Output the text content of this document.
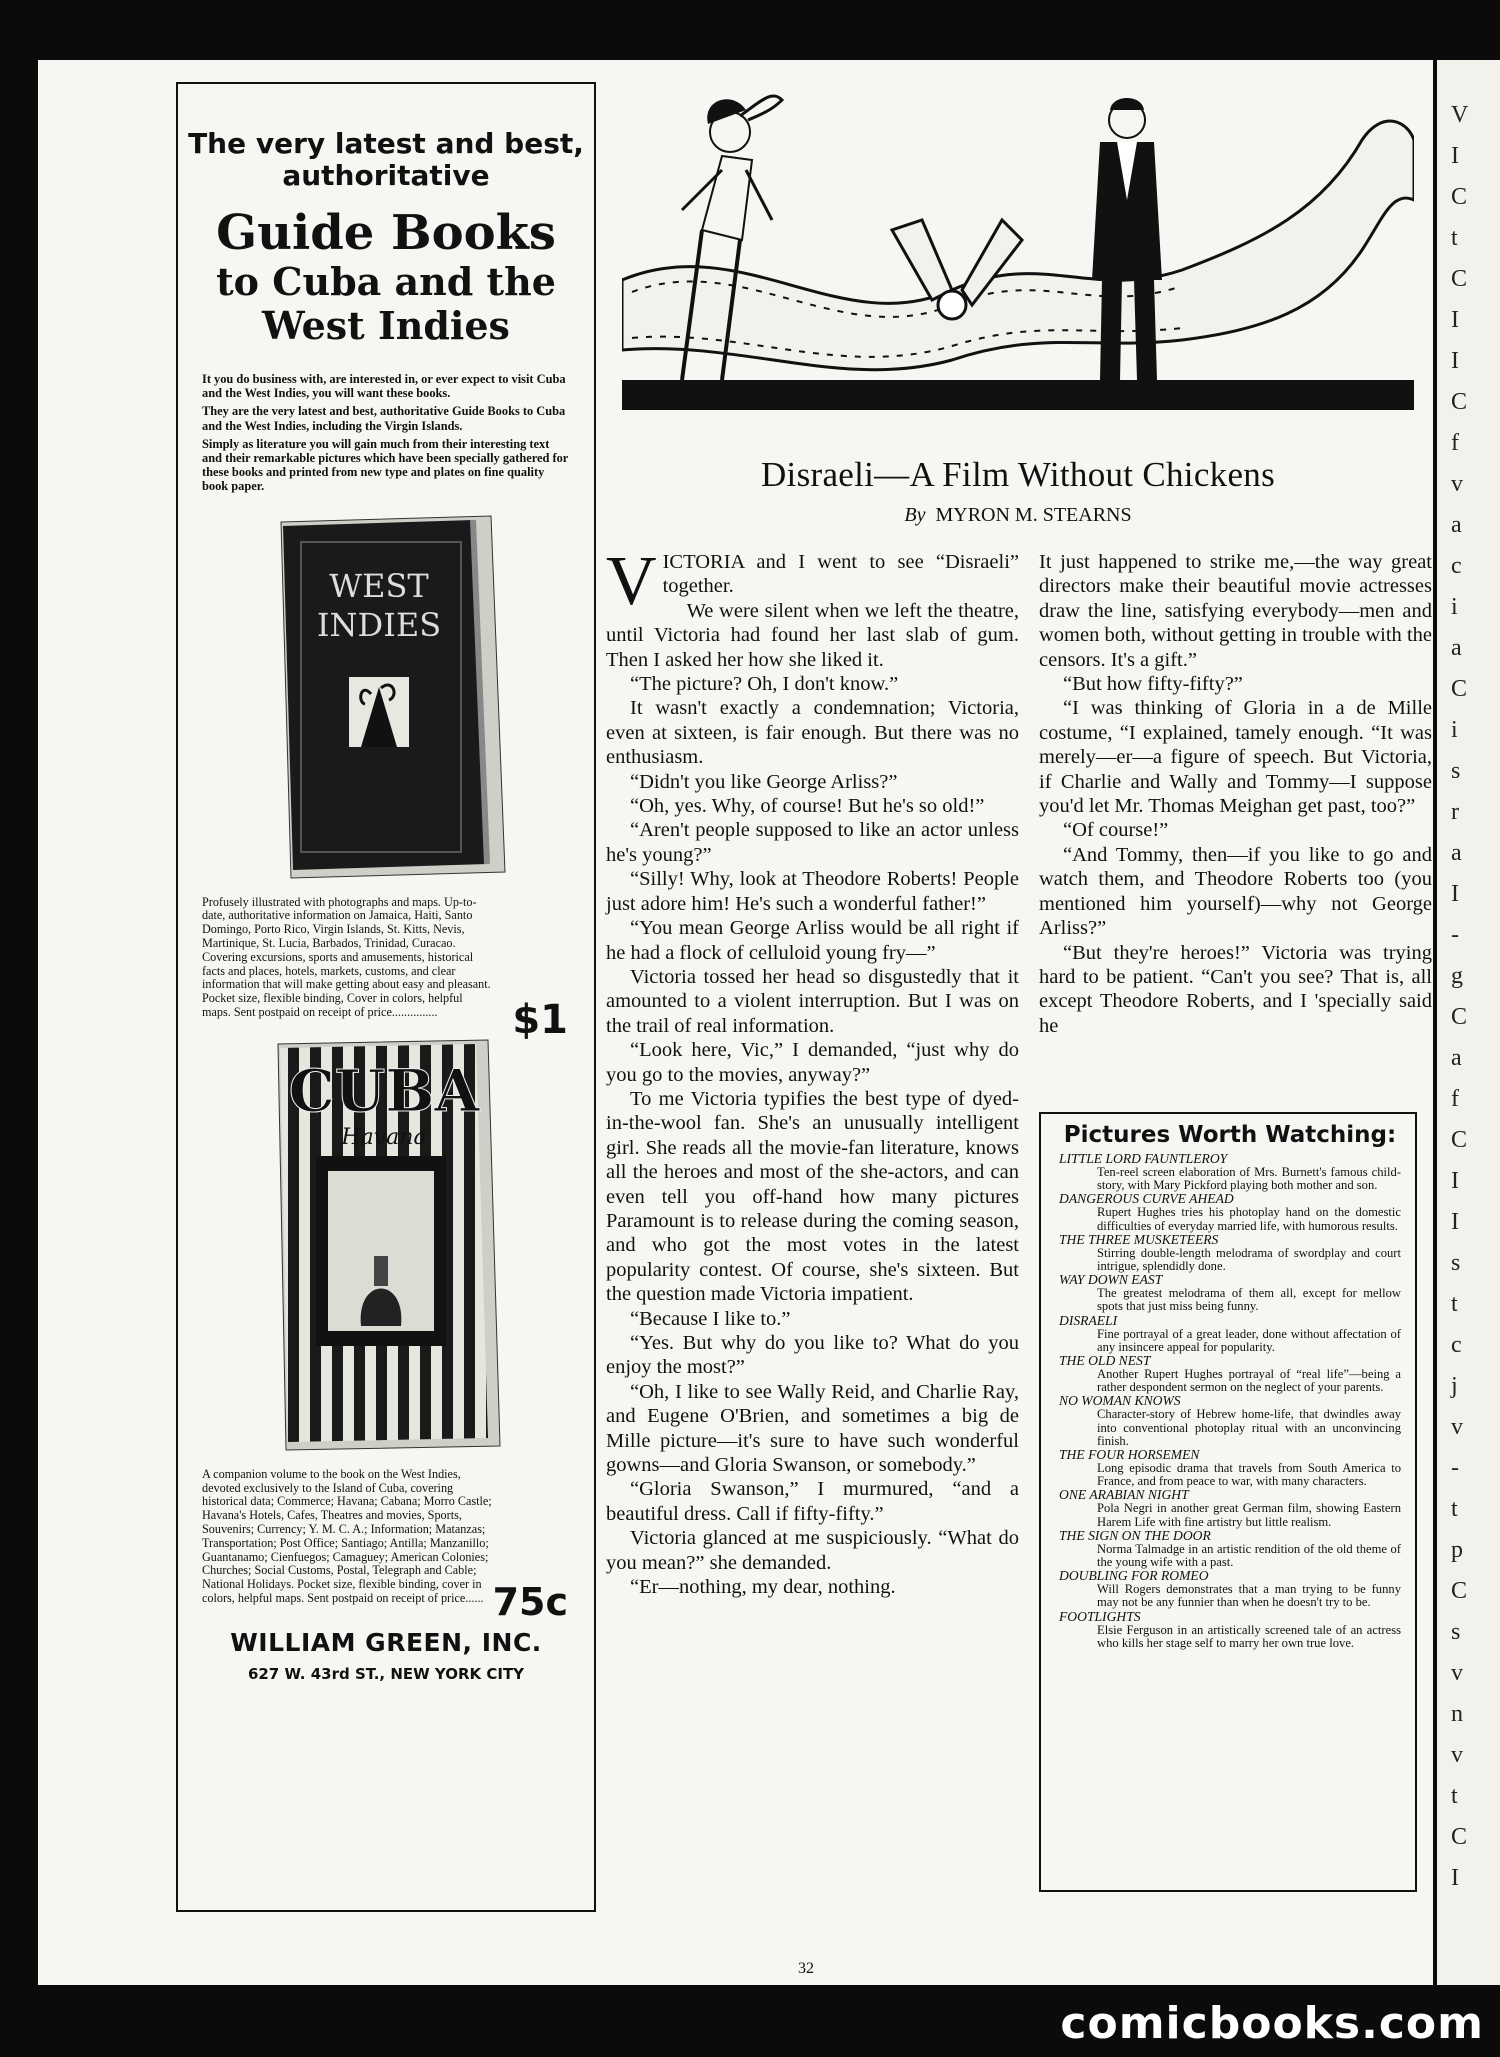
The very latest and best, authoritative
Guide Books
to Cuba and the West Indies

It you do business with, are interested in, or ever expect to visit Cuba and the West Indies, you will want these books.

They are the very latest and best, authoritative Guide Books to Cuba and the West Indies, including the Virgin Islands.

Simply as literature you will gain much from their interesting text and their remarkable pictures which have been specially gathered for these books and printed from new type and plates on fine quality book paper.

WEST
INDIES
Profusely illustrated with photographs and maps. Up-to-date, authoritative information on Jamaica, Haiti, Santo Domingo, Porto Rico, Virgin Islands, St. Kitts, Nevis, Martinique, St. Lucia, Barbados, Trinidad, Curacao. Covering excursions, sports and amusements, historical facts and places, hotels, markets, customs, and clear information that will make getting about easy and pleasant. Pocket size, flexible binding, Cover in colors, helpful maps. Sent postpaid on receipt of price............... $1
CUBA
Havana
A companion volume to the book on the West Indies, devoted exclusively to the Island of Cuba, covering historical data; Commerce; Havana; Cabana; Morro Castle; Havana's Hotels, Cafes, Theatres and movies, Sports, Souvenirs; Currency; Y. M. C. A.; Information; Matanzas; Transportation; Post Office; Santiago; Antilla; Manzanillo; Guantanamo; Cienfuegos; Camaguey; American Colonies; Churches; Social Customs, Postal, Telegraph and Cable; National Holidays. Pocket size, flexible binding, cover in colors, helpful maps. Sent postpaid on receipt of price...... 75c
WILLIAM GREEN, INC.
627 W. 43rd ST., NEW YORK CITY
Disraeli—A Film Without Chickens
By MYRON M. STEARNS

VICTORIA and I went to see “Disraeli” together.

We were silent when we left the theatre, until Victoria had found her last slab of gum. Then I asked her how she liked it.

“The picture? Oh, I don't know.”

It wasn't exactly a condemnation; Victoria, even at sixteen, is fair enough. But there was no enthusiasm.

“Didn't you like George Arliss?”

“Oh, yes. Why, of course! But he's so old!”

“Aren't people supposed to like an actor unless he's young?”

“Silly! Why, look at Theodore Roberts! People just adore him! He's such a wonderful father!”

“You mean George Arliss would be all right if he had a flock of celluloid young fry—”

Victoria tossed her head so disgustedly that it amounted to a violent interruption. But I was on the trail of real information.

“Look here, Vic,” I demanded, “just why do you go to the movies, anyway?”

To me Victoria typifies the best type of dyed-in-the-wool fan. She's an unusually intelligent girl. She reads all the movie-fan literature, knows all the heroes and most of the she-actors, and can even tell you off-hand how many pictures Paramount is to release during the coming season, and who got the most votes in the latest popularity contest. Of course, she's sixteen. But the question made Victoria impatient.

“Because I like to.”

“Yes. But why do you like to? What do you enjoy the most?”

“Oh, I like to see Wally Reid, and Charlie Ray, and Eugene O'Brien, and sometimes a big de Mille picture—it's sure to have such wonderful gowns—and Gloria Swanson, or somebody.”

“Gloria Swanson,” I murmured, “and a beautiful dress. Call if fifty-fifty.”

Victoria glanced at me suspiciously. “What do you mean?” she demanded.

“Er—nothing, my dear, nothing.

It just happened to strike me,—the way great directors make their beautiful movie actresses draw the line, satisfying everybody—men and women both, without getting in trouble with the censors. It's a gift.”

“But how fifty-fifty?”

“I was thinking of Gloria in a de Mille costume, “I explained, tamely enough. “It was merely—er—a figure of speech. But Victoria, if Charlie and Wally and Tommy—I suppose you'd let Mr. Thomas Meighan get past, too?”

“Of course!”

“And Tommy, then—if you like to go and watch them, and Theodore Roberts too (you mentioned him yourself)—why not George Arliss?”

“But they're heroes!” Victoria was trying hard to be patient. “Can't you see? That is, all except Theodore Roberts, and I 'specially said he

Pictures Worth Watching:
LITTLE LORD FAUNTLEROY
Ten-reel screen elaboration of Mrs. Burnett's famous child-story, with Mary Pickford playing both mother and son.
DANGEROUS CURVE AHEAD
Rupert Hughes tries his photoplay hand on the domestic difficulties of everyday married life, with humorous results.
THE THREE MUSKETEERS
Stirring double-length melodrama of swordplay and court intrigue, splendidly done.
WAY DOWN EAST
The greatest melodrama of them all, except for mellow spots that just miss being funny.
DISRAELI
Fine portrayal of a great leader, done without affectation of any insincere appeal for popularity.
THE OLD NEST
Another Rupert Hughes portrayal of “real life”—being a rather despondent sermon on the neglect of your parents.
NO WOMAN KNOWS
Character-story of Hebrew home-life, that dwindles away into conventional photoplay ritual with an unconvincing finish.
THE FOUR HORSEMEN
Long episodic drama that travels from South America to France, and from peace to war, with many characters.
ONE ARABIAN NIGHT
Pola Negri in another great German film, showing Eastern Harem Life with fine artistry but little realism.
THE SIGN ON THE DOOR
Norma Talmadge in an artistic rendition of the old theme of the young wife with a past.
DOUBLING FOR ROMEO
Will Rogers demonstrates that a man trying to be funny may not be any funnier than when he doesn't try to be.
FOOTLIGHTS
Elsie Ferguson in an artistically screened tale of an actress who kills her stage self to marry her own true love.
32
V
I
C
t
C
I
I
C
f
v
a
c
i
a
C
i
s
r
a
I
-
g
C
a
f
C
I
I
s
t
c
j
v
-
t
p
C
s
v
n
v
t
C
I
comicbooks.com
